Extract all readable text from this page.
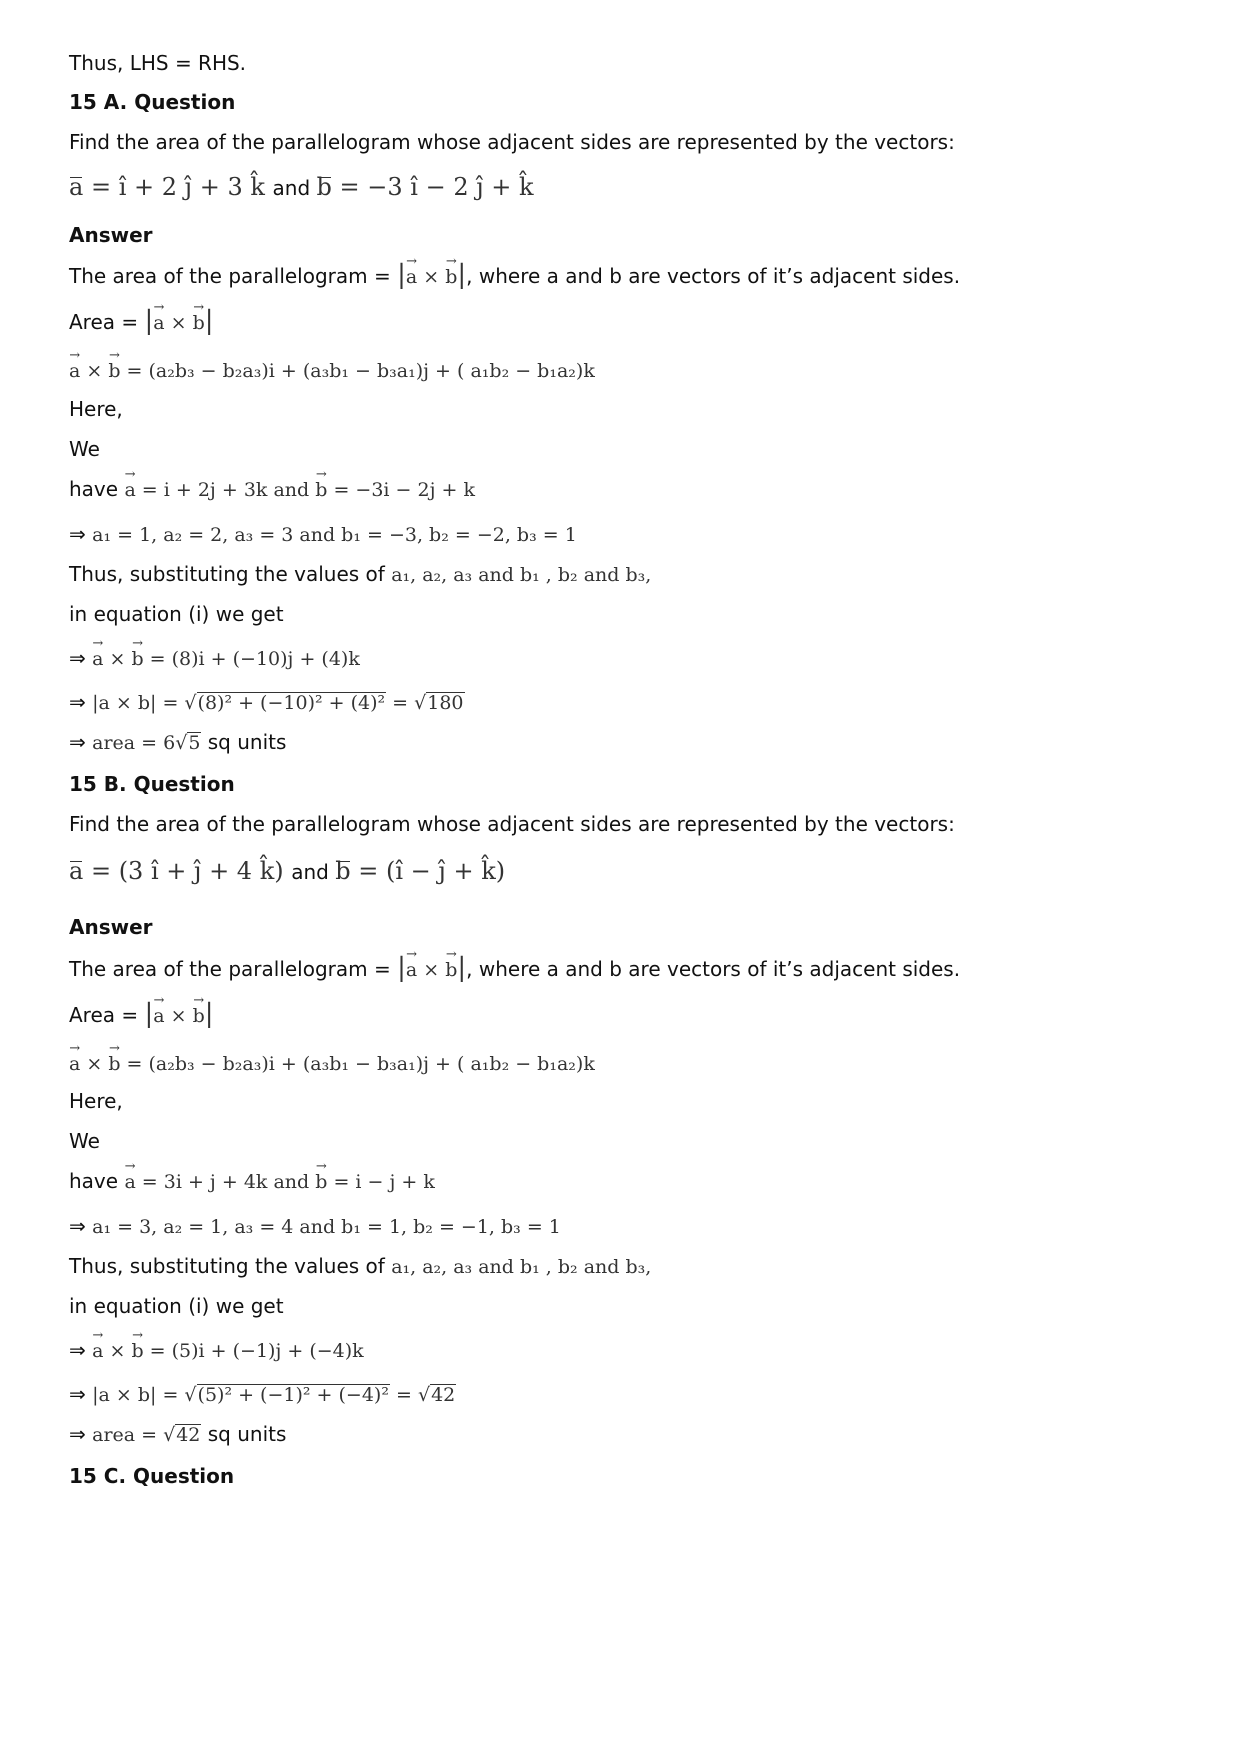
Thus, LHS = RHS.
15 A. Question
Find the area of the parallelogram whose adjacent sides are represented by the vectors:
a = î + 2 ĵ + 3 k̂ and b = −3 î − 2 ĵ + k̂
Answer
The area of the parallelogram = |→ a × → b|, where a and b are vectors of it’s adjacent sides.
Area = |→ a × → b|
→ a × → b = (a₂b₃ − b₂a₃)i + (a₃b₁ − b₃a₁)j + ( a₁b₂ − b₁a₂)k
Here,
We
have → a = i + 2j + 3k and → b = −3i − 2j + k
⇒ a₁ = 1, a₂ = 2, a₃ = 3 and b₁ = −3, b₂ = −2, b₃ = 1
Thus, substituting the values of a₁, a₂, a₃ and b₁ , b₂ and b₃,
in equation (i) we get
⇒ → a × → b = (8)i + (−10)j + (4)k
⇒ |a × b| = √(8)² + (−10)² + (4)² = √180
⇒ area = 6√5 sq units
15 B. Question
Find the area of the parallelogram whose adjacent sides are represented by the vectors:
a = (3 î + ĵ + 4 k̂) and b = (î − ĵ + k̂)
Answer
The area of the parallelogram = |→ a × → b|, where a and b are vectors of it’s adjacent sides.
Area = |→ a × → b|
→ a × → b = (a₂b₃ − b₂a₃)i + (a₃b₁ − b₃a₁)j + ( a₁b₂ − b₁a₂)k
Here,
We
have → a = 3i + j + 4k and → b = i − j + k
⇒ a₁ = 3, a₂ = 1, a₃ = 4 and b₁ = 1, b₂ = −1, b₃ = 1
Thus, substituting the values of a₁, a₂, a₃ and b₁ , b₂ and b₃,
in equation (i) we get
⇒ → a × → b = (5)i + (−1)j + (−4)k
⇒ |a × b| = √(5)² + (−1)² + (−4)² = √42
⇒ area = √42 sq units
15 C. Question
